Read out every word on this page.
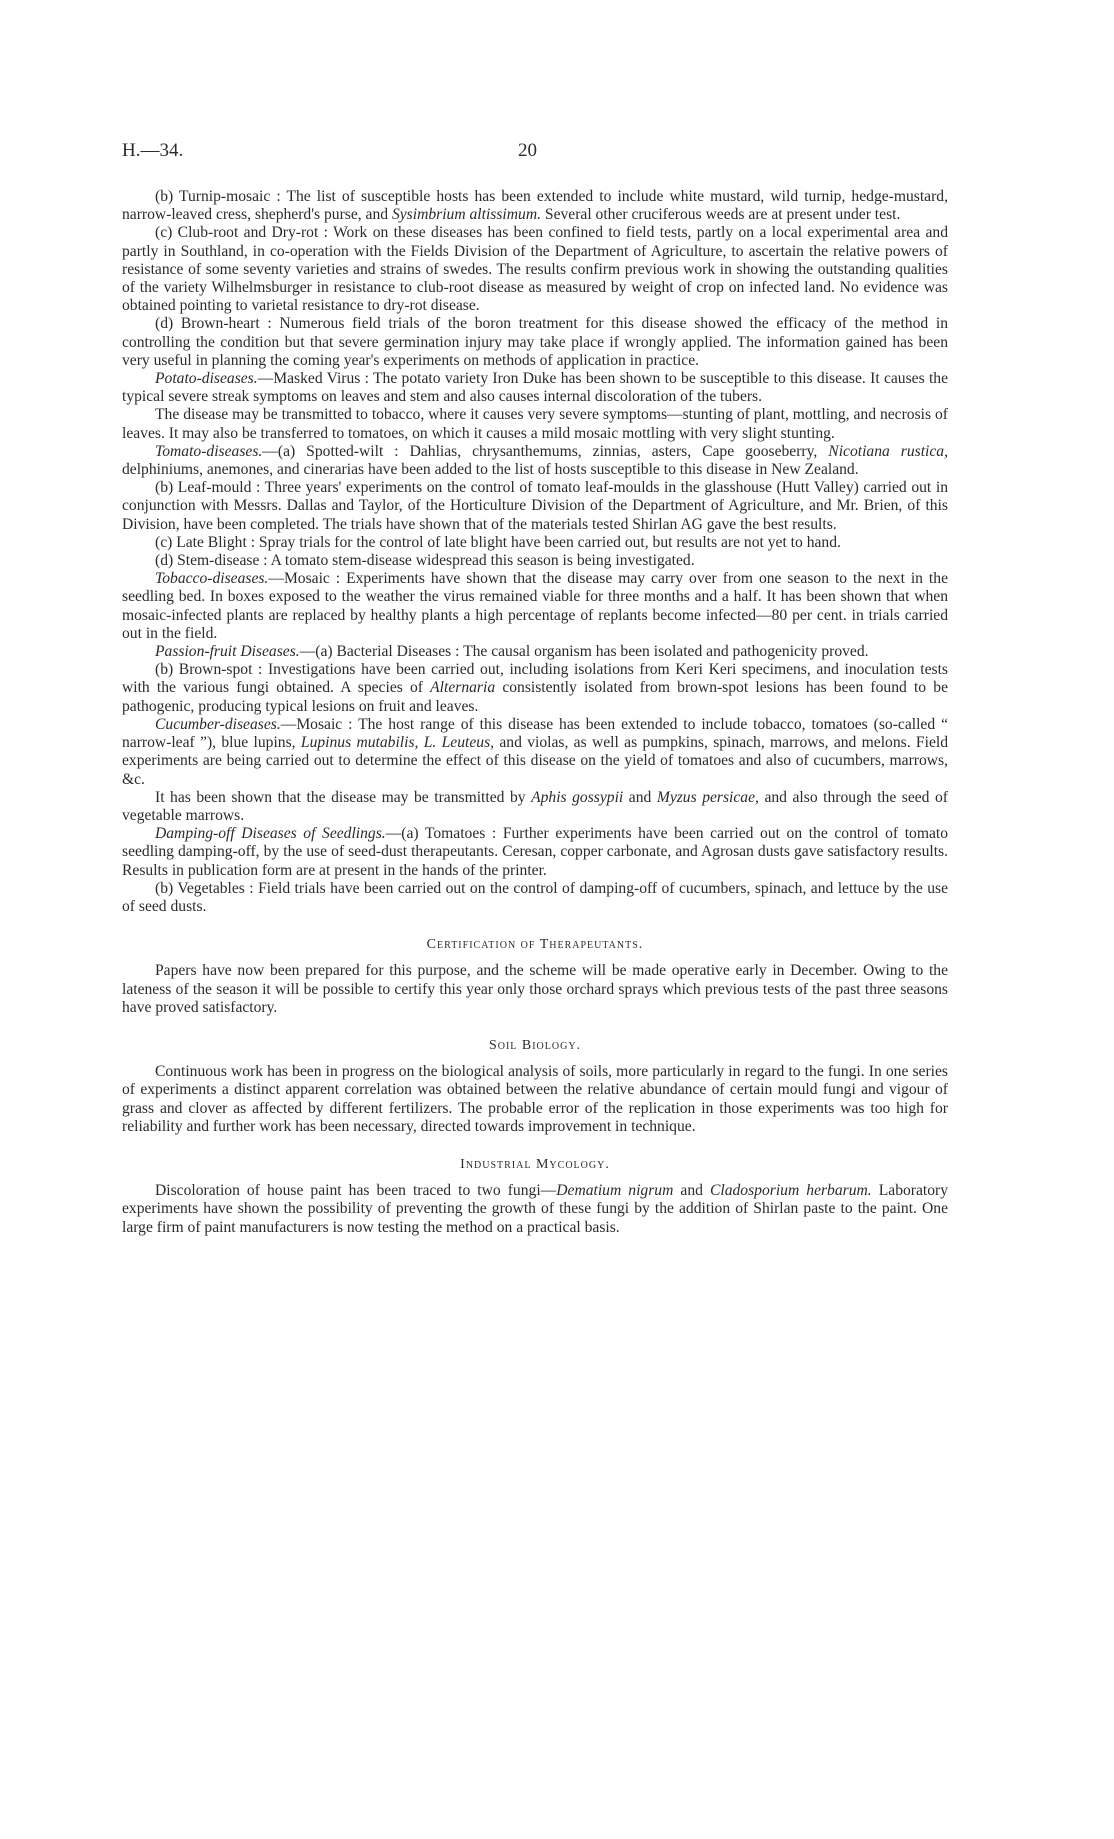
H.—34.	20

(b) Turnip-mosaic : The list of susceptible hosts has been extended to include white mustard, wild turnip, hedge-mustard, narrow-leaved cress, shepherd's purse, and Sysimbrium altissimum. Several other cruciferous weeds are at present under test.

(c) Club-root and Dry-rot : Work on these diseases has been confined to field tests, partly on a local experimental area and partly in Southland, in co-operation with the Fields Division of the Department of Agriculture, to ascertain the relative powers of resistance of some seventy varieties and strains of swedes. The results confirm previous work in showing the outstanding qualities of the variety Wilhelmsburger in resistance to club-root disease as measured by weight of crop on infected land. No evidence was obtained pointing to varietal resistance to dry-rot disease.

(d) Brown-heart : Numerous field trials of the boron treatment for this disease showed the efficacy of the method in controlling the condition but that severe germination injury may take place if wrongly applied. The information gained has been very useful in planning the coming year's experiments on methods of application in practice.

Potato-diseases.—Masked Virus : The potato variety Iron Duke has been shown to be susceptible to this disease. It causes the typical severe streak symptoms on leaves and stem and also causes internal discoloration of the tubers.

The disease may be transmitted to tobacco, where it causes very severe symptoms—stunting of plant, mottling, and necrosis of leaves. It may also be transferred to tomatoes, on which it causes a mild mosaic mottling with very slight stunting.

Tomato-diseases.—(a) Spotted-wilt : Dahlias, chrysanthemums, zinnias, asters, Cape gooseberry, Nicotiana rustica, delphiniums, anemones, and cinerarias have been added to the list of hosts susceptible to this disease in New Zealand.

(b) Leaf-mould : Three years' experiments on the control of tomato leaf-moulds in the glasshouse (Hutt Valley) carried out in conjunction with Messrs. Dallas and Taylor, of the Horticulture Division of the Department of Agriculture, and Mr. Brien, of this Division, have been completed. The trials have shown that of the materials tested Shirlan AG gave the best results.

(c) Late Blight : Spray trials for the control of late blight have been carried out, but results are not yet to hand.

(d) Stem-disease : A tomato stem-disease widespread this season is being investigated.

Tobacco-diseases.—Mosaic : Experiments have shown that the disease may carry over from one season to the next in the seedling bed. In boxes exposed to the weather the virus remained viable for three months and a half. It has been shown that when mosaic-infected plants are replaced by healthy plants a high percentage of replants become infected—80 per cent. in trials carried out in the field.

Passion-fruit Diseases.—(a) Bacterial Diseases : The causal organism has been isolated and pathogenicity proved.

(b) Brown-spot : Investigations have been carried out, including isolations from Keri Keri specimens, and inoculation tests with the various fungi obtained. A species of Alternaria consistently isolated from brown-spot lesions has been found to be pathogenic, producing typical lesions on fruit and leaves.

Cucumber-diseases.—Mosaic : The host range of this disease has been extended to include tobacco, tomatoes (so-called “ narrow-leaf ”), blue lupins, Lupinus mutabilis, L. Leuteus, and violas, as well as pumpkins, spinach, marrows, and melons. Field experiments are being carried out to determine the effect of this disease on the yield of tomatoes and also of cucumbers, marrows, &c.

It has been shown that the disease may be transmitted by Aphis gossypii and Myzus persicae, and also through the seed of vegetable marrows.

Damping-off Diseases of Seedlings.—(a) Tomatoes : Further experiments have been carried out on the control of tomato seedling damping-off, by the use of seed-dust therapeutants. Ceresan, copper carbonate, and Agrosan dusts gave satisfactory results. Results in publication form are at present in the hands of the printer.

(b) Vegetables : Field trials have been carried out on the control of damping-off of cucumbers, spinach, and lettuce by the use of seed dusts.

Certification of Therapeutants.

Papers have now been prepared for this purpose, and the scheme will be made operative early in December. Owing to the lateness of the season it will be possible to certify this year only those orchard sprays which previous tests of the past three seasons have proved satisfactory.

Soil Biology.

Continuous work has been in progress on the biological analysis of soils, more particularly in regard to the fungi. In one series of experiments a distinct apparent correlation was obtained between the relative abundance of certain mould fungi and vigour of grass and clover as affected by different fertilizers. The probable error of the replication in those experiments was too high for reliability and further work has been necessary, directed towards improvement in technique.

Industrial Mycology.

Discoloration of house paint has been traced to two fungi—Dematium nigrum and Cladosporium herbarum. Laboratory experiments have shown the possibility of preventing the growth of these fungi by the addition of Shirlan paste to the paint. One large firm of paint manufacturers is now testing the method on a practical basis.
